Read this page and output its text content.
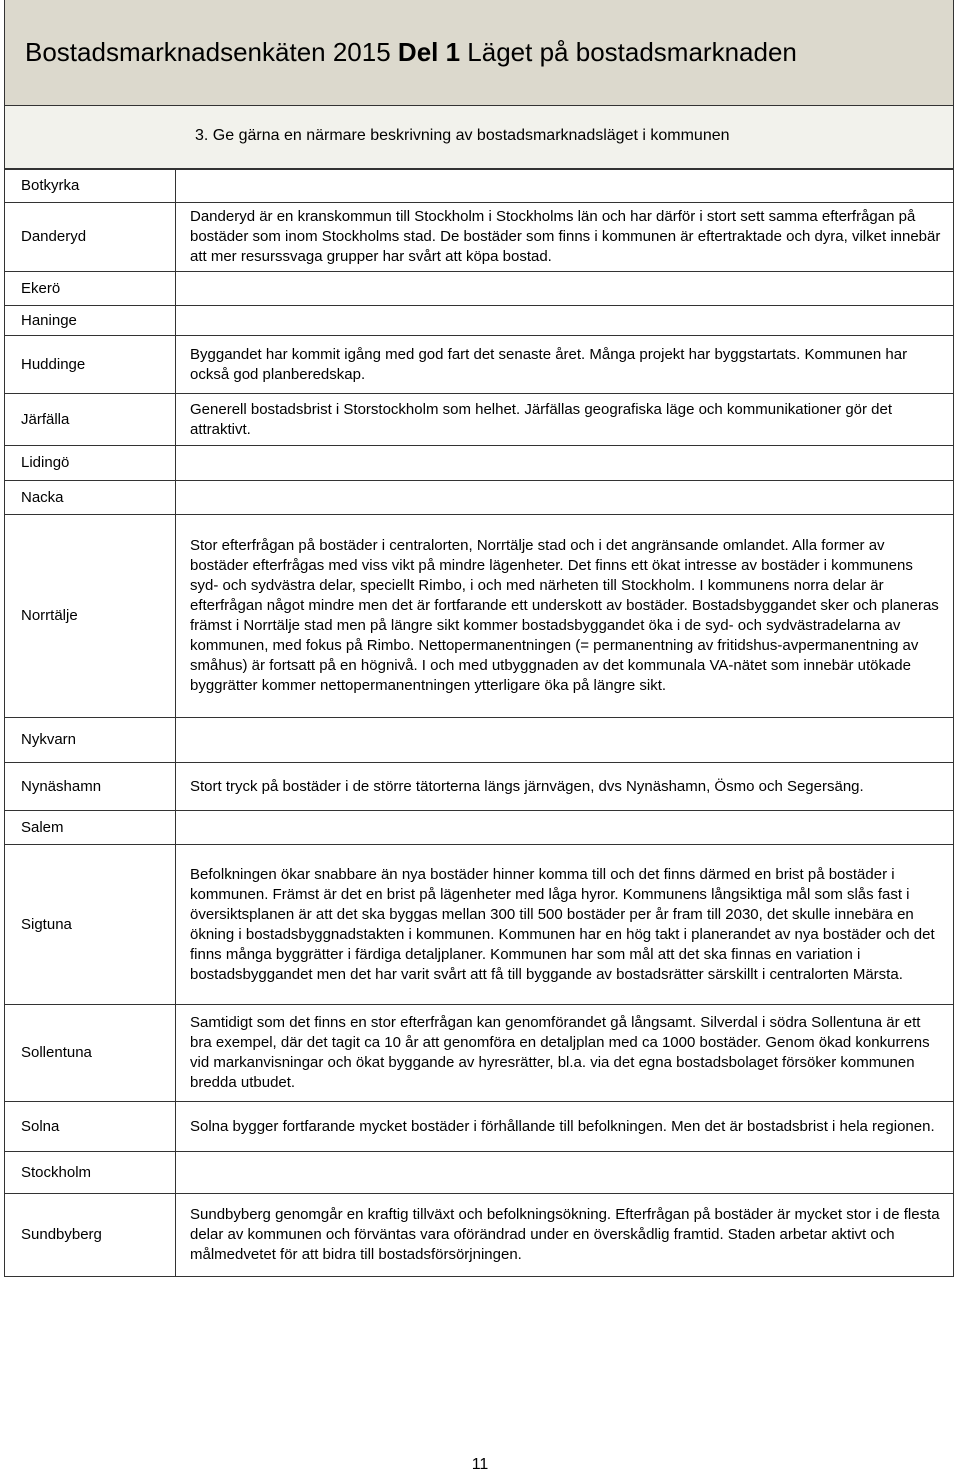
Bostadsmarknadsenkäten 2015 Del 1 Läget på bostadsmarknaden
3. Ge gärna en närmare beskrivning av bostadsmarknadsläget i kommunen
Botkyrka	
Danderyd	Danderyd är en kranskommun till Stockholm i Stockholms län och har därför i stort sett samma efterfrågan på bostäder som inom Stockholms stad. De bostäder som finns i kommunen är eftertraktade och dyra, vilket innebär att mer resurssvaga grupper har svårt att köpa bostad.
Ekerö	
Haninge	
Huddinge	Byggandet har kommit igång med god fart det senaste året. Många projekt har byggstartats. Kommunen har också god planberedskap.
Järfälla	Generell bostadsbrist i Storstockholm som helhet. Järfällas geografiska läge och kommunikationer gör det attraktivt.
Lidingö	
Nacka	
Norrtälje	Stor efterfrågan på bostäder i centralorten, Norrtälje stad och i det angränsande omlandet. Alla former av bostäder efterfrågas med viss vikt på mindre lägenheter. Det finns ett ökat intresse av bostäder i kommunens syd- och sydvästra delar, speciellt Rimbo, i och med närheten till Stockholm. I kommunens norra delar är efterfrågan något mindre men det är fortfarande ett underskott av bostäder. Bostadsbyggandet sker och planeras främst i Norrtälje stad men på längre sikt kommer bostadsbyggandet öka i de syd- och sydvästradelarna av kommunen, med fokus på Rimbo. Nettopermanentningen (= permanentning av fritidshus-avpermanentning av småhus) är fortsatt på en högnivå. I och med utbyggnaden av det kommunala VA-nätet som innebär utökade byggrätter kommer nettopermanentningen ytterligare öka på längre sikt.
Nykvarn	
Nynäshamn	Stort tryck på bostäder i de större tätorterna längs järnvägen, dvs Nynäshamn, Ösmo och Segersäng.
Salem	
Sigtuna	Befolkningen ökar snabbare än nya bostäder hinner komma till och det finns därmed en brist på bostäder i kommunen. Främst är det en brist på lägenheter med låga hyror. Kommunens långsiktiga mål som slås fast i översiktsplanen är att det ska byggas mellan 300 till 500 bostäder per år fram till 2030, det skulle innebära en ökning i bostadsbyggnadstakten i kommunen. Kommunen har en hög takt i planerandet av nya bostäder och det finns många byggrätter i färdiga detaljplaner. Kommunen har som mål att det ska finnas en variation i bostadsbyggandet men det har varit svårt att få till byggande av bostadsrätter särskillt i centralorten Märsta.
Sollentuna	Samtidigt som det finns en stor efterfrågan kan genomförandet gå långsamt. Silverdal i södra Sollentuna är ett bra exempel, där det tagit ca 10 år att genomföra en detaljplan med ca 1000 bostäder. Genom ökad konkurrens vid markanvisningar och ökat byggande av hyresrätter, bl.a. via det egna bostadsbolaget försöker kommunen bredda utbudet.
Solna	Solna bygger fortfarande mycket bostäder i förhållande till befolkningen. Men det är bostadsbrist i hela regionen.
Stockholm	
Sundbyberg	Sundbyberg genomgår en kraftig tillväxt och befolkningsökning. Efterfrågan på bostäder är mycket stor i de flesta delar av kommunen och förväntas vara oförändrad under en överskådlig framtid. Staden arbetar aktivt och målmedvetet för att bidra till bostadsförsörjningen.
11
